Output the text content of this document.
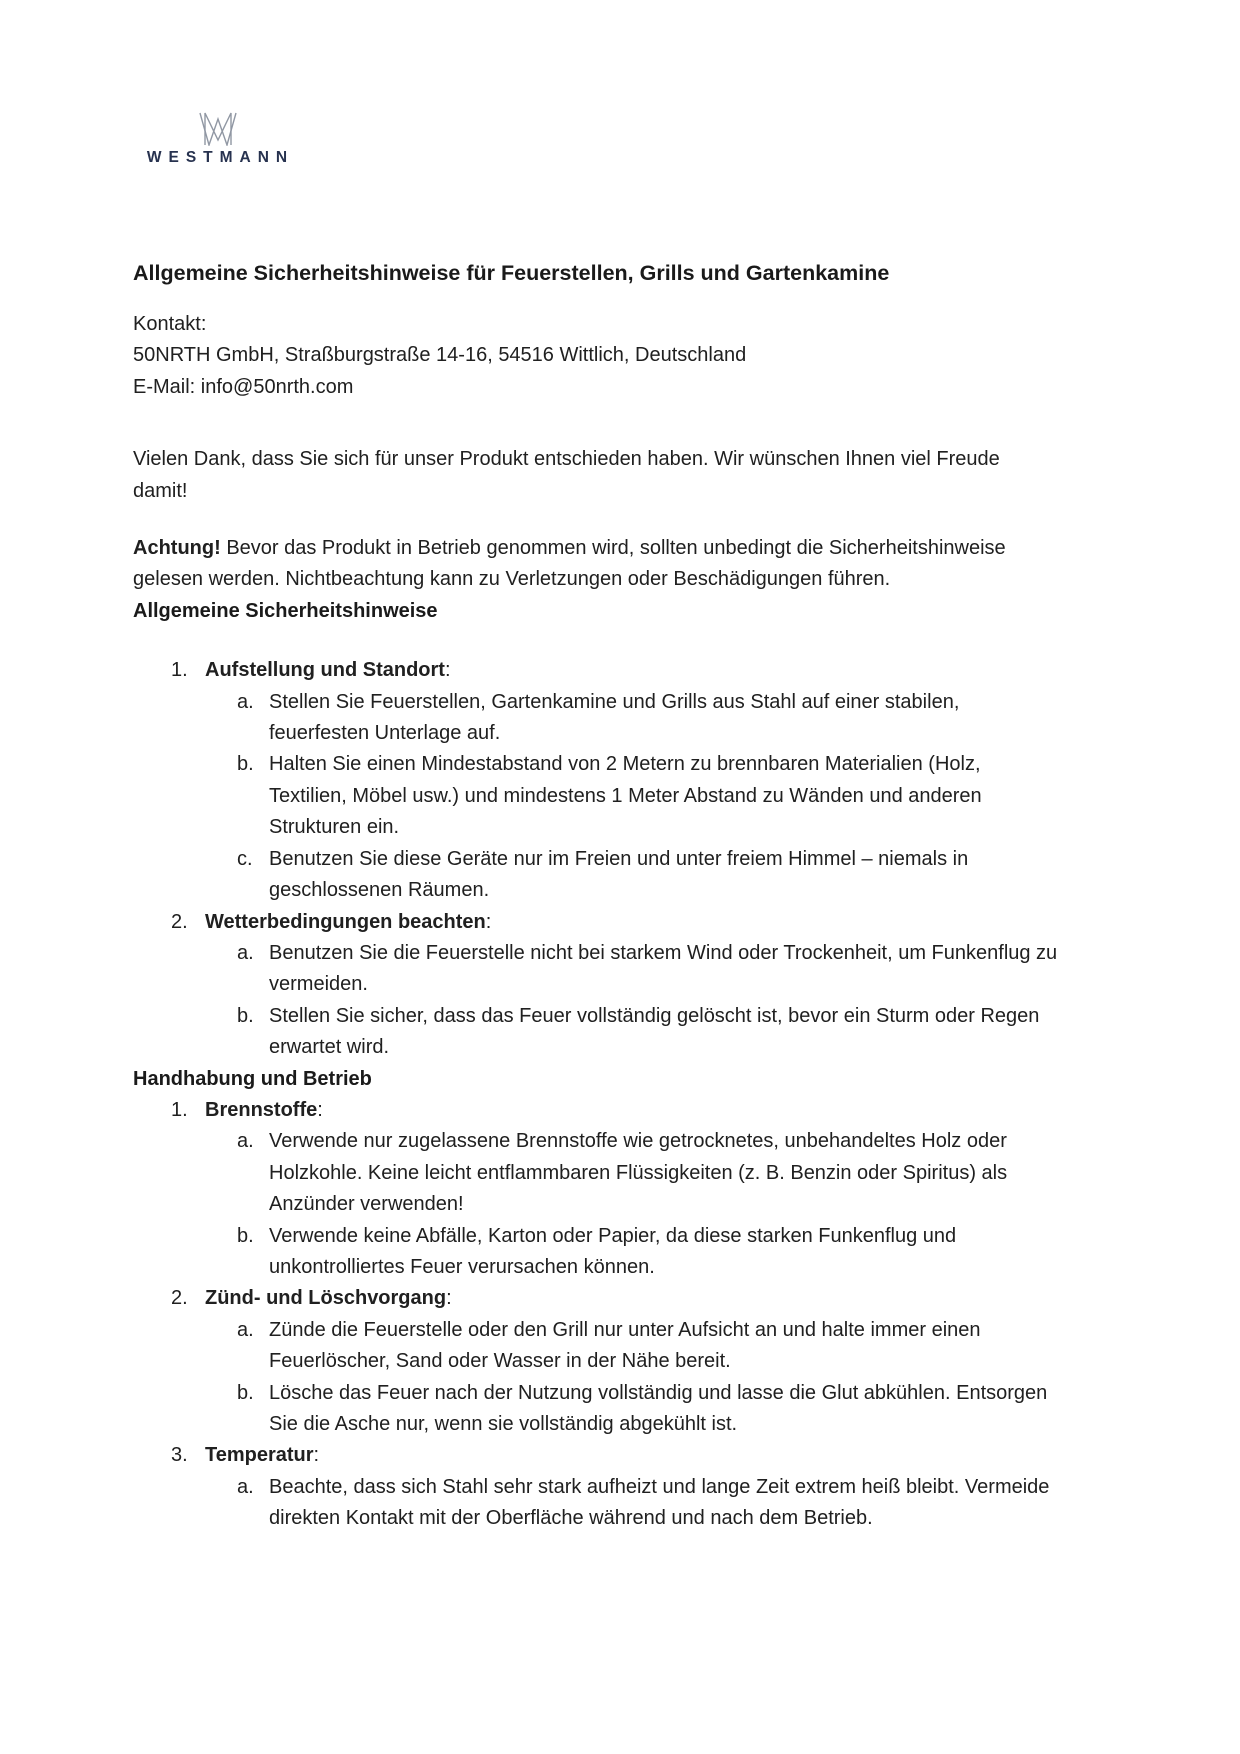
WESTMANN
Allgemeine Sicherheitshinweise für Feuerstellen, Grills und Gartenkamine

Kontakt:

50NRTH GmbH, Straßburgstraße 14-16, 54516 Wittlich, Deutschland

E-Mail: info@50nrth.com

Vielen Dank, dass Sie sich für unser Produkt entschieden haben. Wir wünschen Ihnen viel Freude damit!

Achtung! Bevor das Produkt in Betrieb genommen wird, sollten unbedingt die Sicherheitshinweise gelesen werden. Nichtbeachtung kann zu Verletzungen oder Beschädigungen führen.

Allgemeine Sicherheitshinweise
1. Aufstellung und Standort:
a. Stellen Sie Feuerstellen, Gartenkamine und Grills aus Stahl auf einer stabilen, feuerfesten Unterlage auf.
b. Halten Sie einen Mindestabstand von 2 Metern zu brennbaren Materialien (Holz, Textilien, Möbel usw.) und mindestens 1 Meter Abstand zu Wänden und anderen Strukturen ein.
c. Benutzen Sie diese Geräte nur im Freien und unter freiem Himmel – niemals in geschlossenen Räumen.
2. Wetterbedingungen beachten:
a. Benutzen Sie die Feuerstelle nicht bei starkem Wind oder Trockenheit, um Funkenflug zu vermeiden.
b. Stellen Sie sicher, dass das Feuer vollständig gelöscht ist, bevor ein Sturm oder Regen erwartet wird.
Handhabung und Betrieb
1. Brennstoffe:
a. Verwende nur zugelassene Brennstoffe wie getrocknetes, unbehandeltes Holz oder Holzkohle. Keine leicht entflammbaren Flüssigkeiten (z. B. Benzin oder Spiritus) als Anzünder verwenden!
b. Verwende keine Abfälle, Karton oder Papier, da diese starken Funkenflug und unkontrolliertes Feuer verursachen können.
2. Zünd- und Löschvorgang:
a. Zünde die Feuerstelle oder den Grill nur unter Aufsicht an und halte immer einen Feuerlöscher, Sand oder Wasser in der Nähe bereit.
b. Lösche das Feuer nach der Nutzung vollständig und lasse die Glut abkühlen. Entsorgen Sie die Asche nur, wenn sie vollständig abgekühlt ist.
3. Temperatur:
a. Beachte, dass sich Stahl sehr stark aufheizt und lange Zeit extrem heiß bleibt. Vermeide direkten Kontakt mit der Oberfläche während und nach dem Betrieb.
